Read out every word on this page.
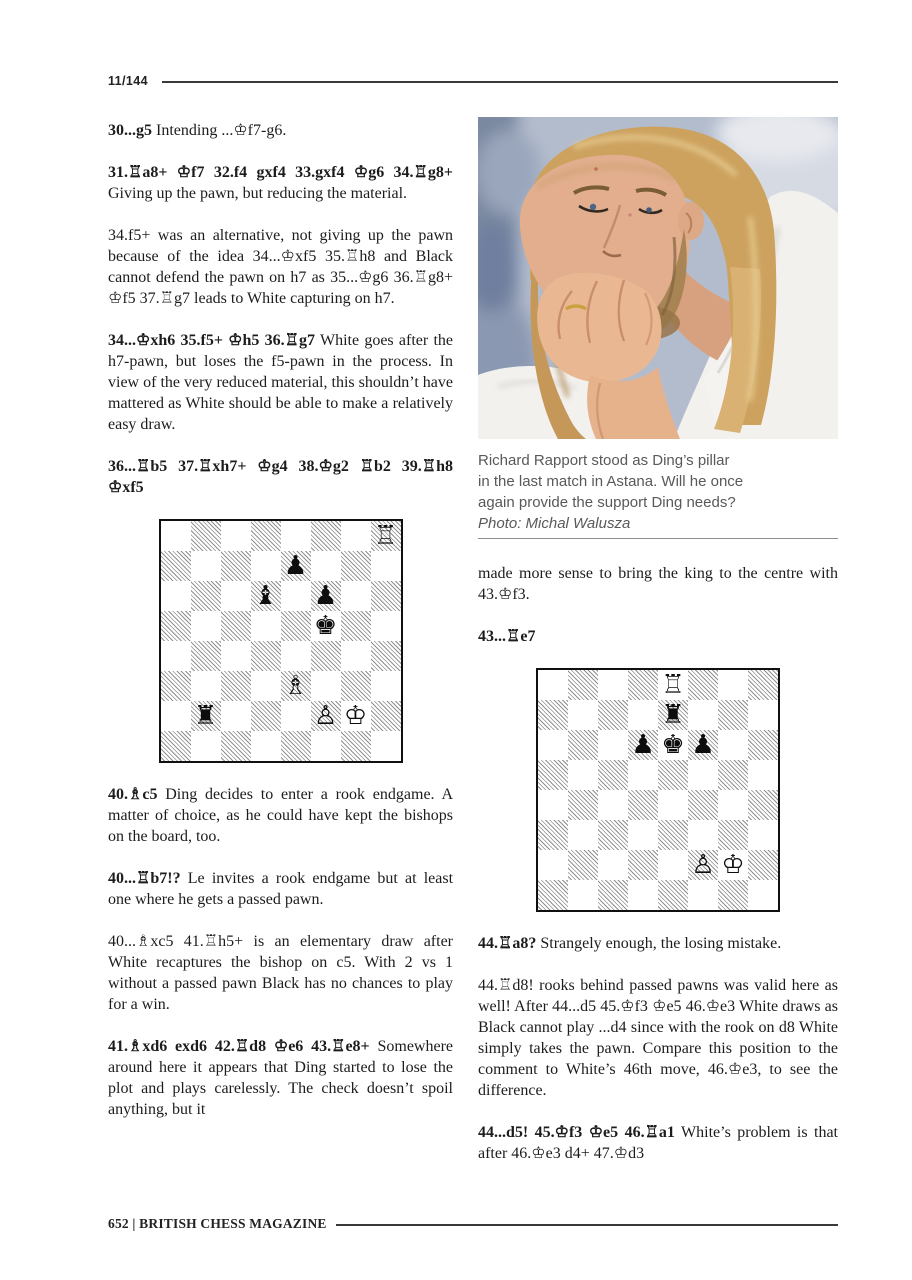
11/144

30...g5 Intending ...♔f7-g6.

31.♖a8+ ♔f7 32.f4 gxf4 33.gxf4 ♔g6 34.♖g8+ Giving up the pawn, but reducing the material.

34.f5+ was an alternative, not giving up the pawn because of the idea 34...♔xf5 35.♖h8 and Black cannot defend the pawn on h7 as 35...♔g6 36.♖g8+ ♔f5 37.♖g7 leads to White capturing on h7.

34...♔xh6 35.f5+ ♔h5 36.♖g7 White goes after the h7-pawn, but loses the f5-pawn in the process. In view of the very reduced material, this shouldn’t have mattered as White should be able to make a relatively easy draw.

36...♖b5 37.♖xh7+ ♔g4 38.♔g2 ♖b2 39.♖h8 ♔xf5

♖
♟
♝ ♟
♚
♗
♜	♙ ♔

40.♗c5 Ding decides to enter a rook endgame. A matter of choice, as he could have kept the bishops on the board, too.

40...♖b7!? Le invites a rook endgame but at least one where he gets a passed pawn.

40...♗xc5 41.♖h5+ is an elementary draw after White recaptures the bishop on c5. With 2 vs 1 without a passed pawn Black has no chances to play for a win.

41.♗xd6 exd6 42.♖d8 ♔e6 43.♖e8+ Somewhere around here it appears that Ding started to lose the plot and plays carelessly. The check doesn’t spoil anything, but it

Richard Rapport stood as Ding’s pillar
in the last match in Astana. Will he once
again provide the support Ding needs?
Photo: Michal Walusza

made more sense to bring the king to the centre with 43.♔f3.

43...♖e7

♖
♜
♟ ♚ ♟
♙ ♔

44.♖a8? Strangely enough, the losing mistake.

44.♖d8! rooks behind passed pawns was valid here as well! After 44...d5 45.♔f3 ♔e5 46.♔e3 White draws as Black cannot play ...d4 since with the rook on d8 White simply takes the pawn. Compare this position to the comment to White’s 46th move, 46.♔e3, to see the difference.

44...d5! 45.♔f3 ♔e5 46.♖a1 White’s problem is that after 46.♔e3 d4+ 47.♔d3

652 | BRITISH CHESS MAGAZINE
